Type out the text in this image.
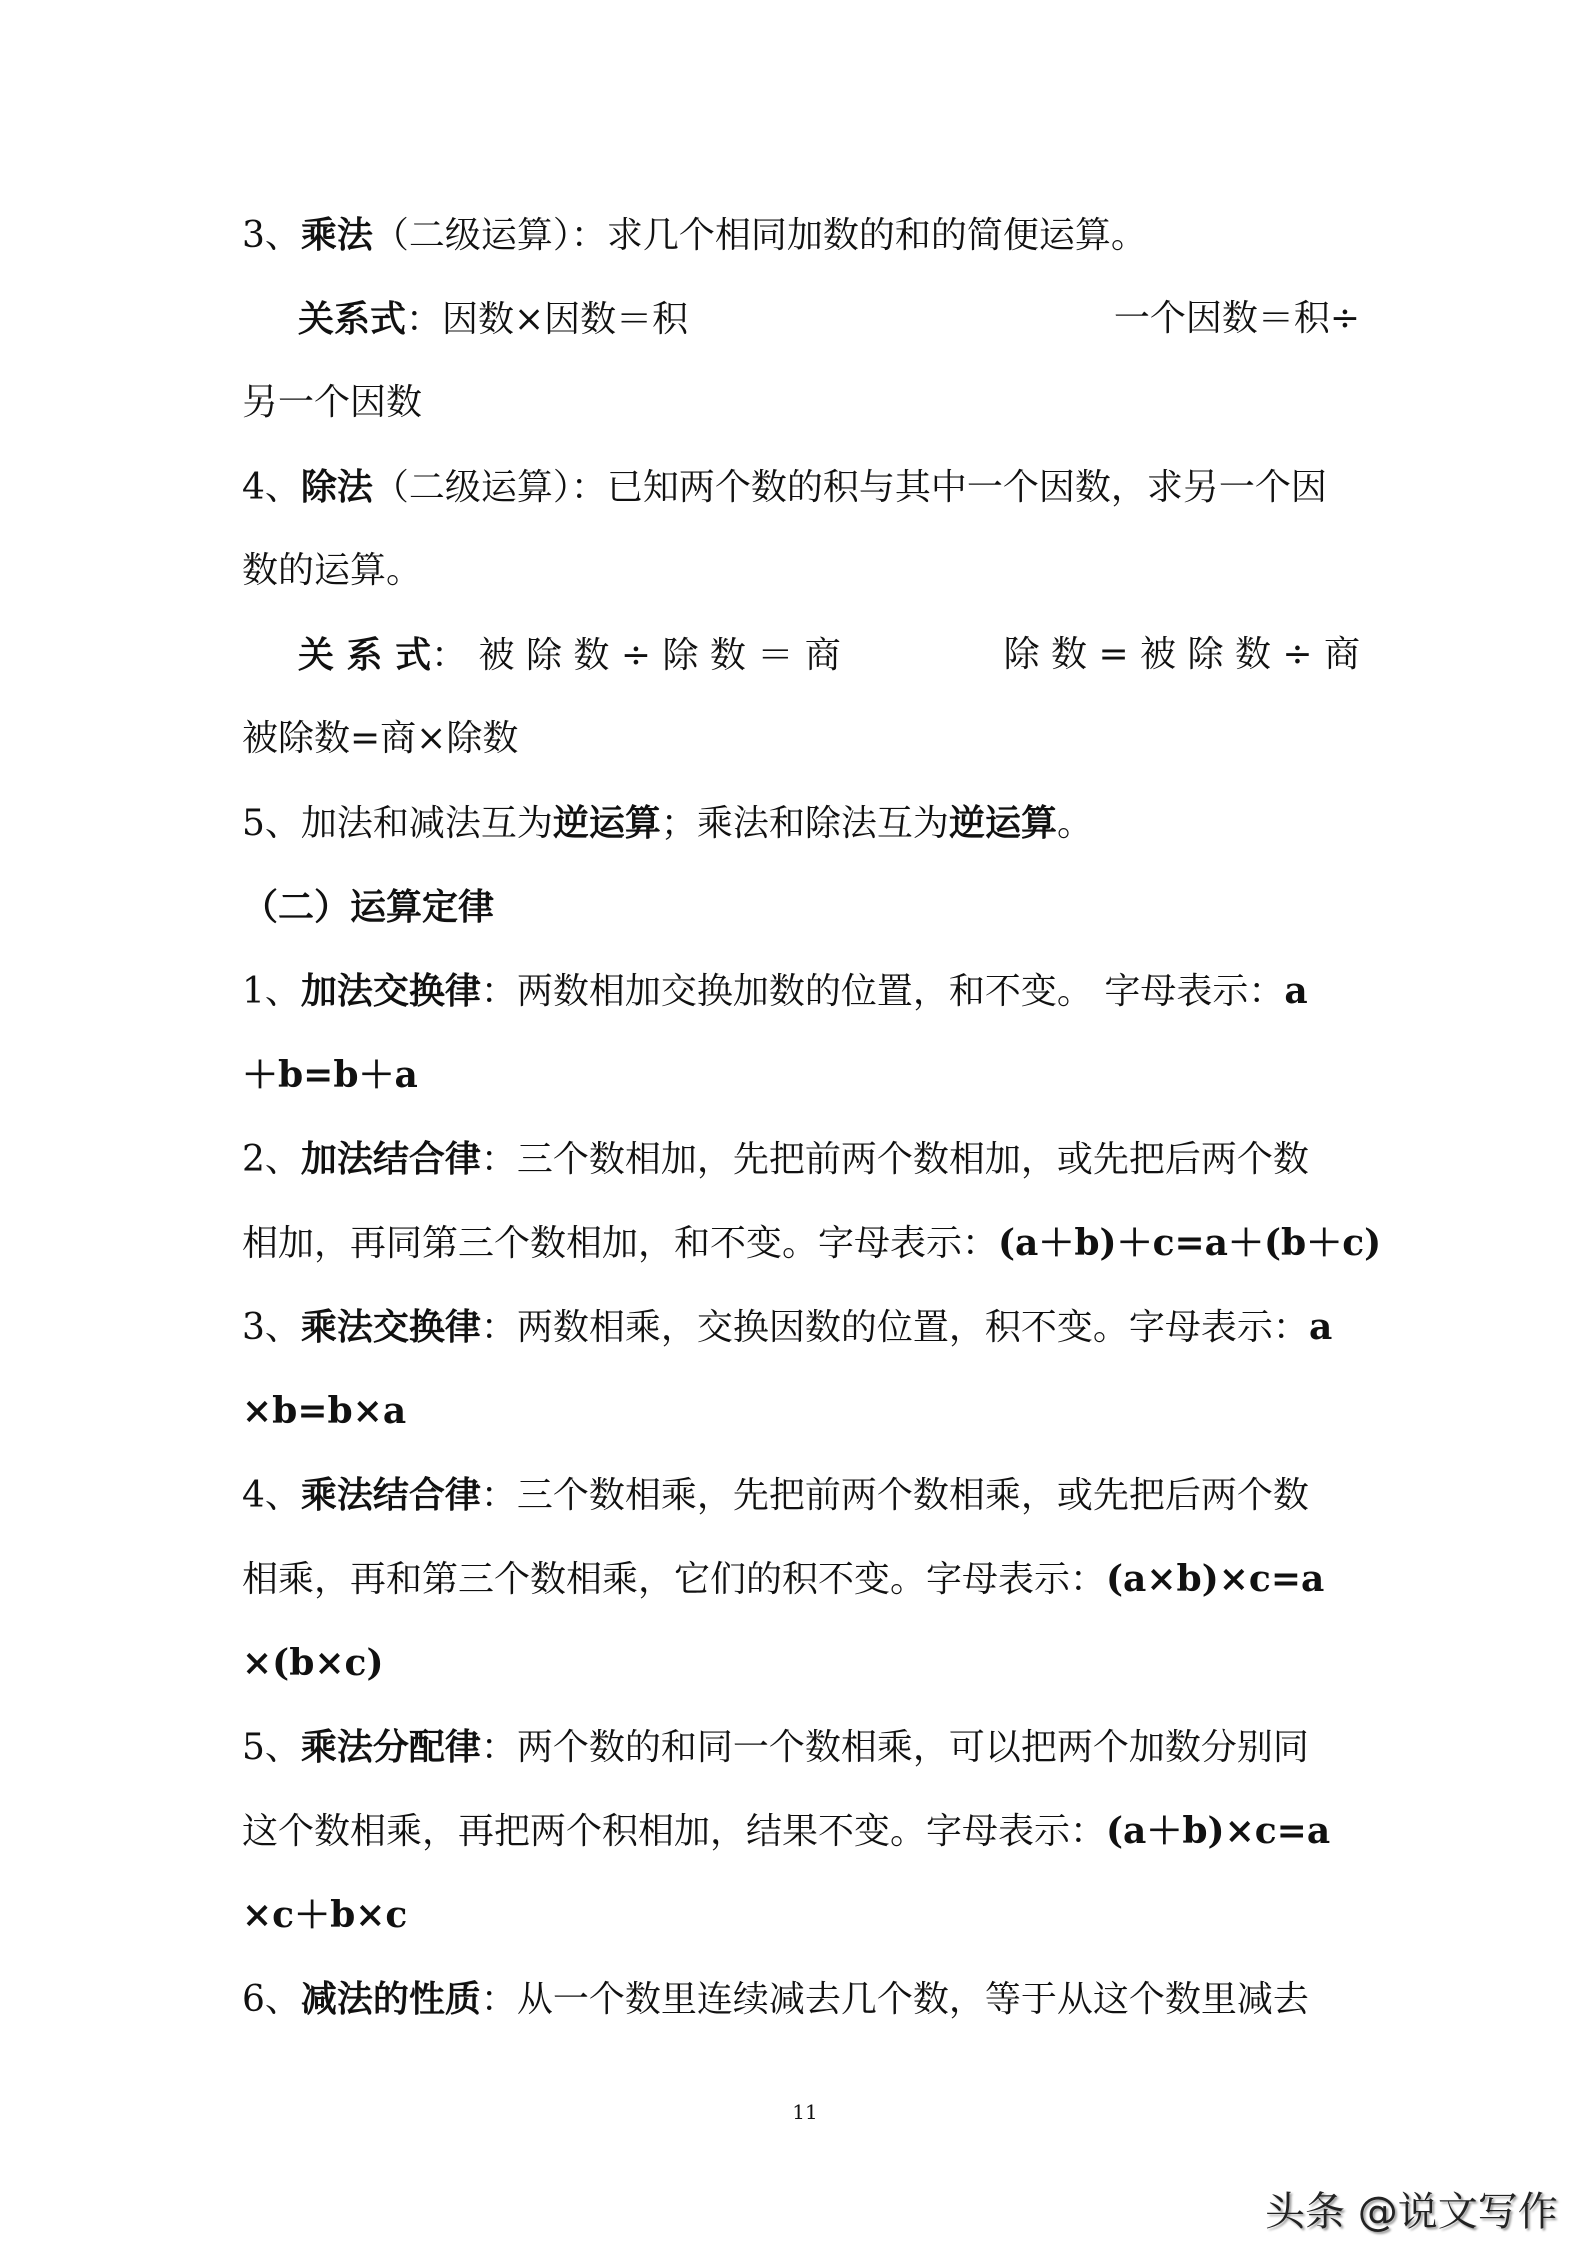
3、乘法（二级运算）：求几个相同加数的和的简便运算。
关系式：因数×因数＝积	一个因数＝积÷
另一个因数
4、除法（二级运算）：已知两个数的积与其中一个因数，求另一个因
数的运算。
关 系 式： 被 除 数 ÷ 除 数 ＝ 商	除 数 = 被 除 数 ÷ 商
被除数=商×除数
5、加法和减法互为逆运算；乘法和除法互为逆运算。
（二）运算定律
1、加法交换律：两数相加交换加数的位置，和不变。 字母表示：a
＋b=b＋a
2、加法结合律：三个数相加，先把前两个数相加，或先把后两个数
相加，再同第三个数相加，和不变。字母表示：(a＋b)＋c=a＋(b＋c)
3、乘法交换律：两数相乘，交换因数的位置，积不变。字母表示：a
×b=b×a
4、乘法结合律：三个数相乘，先把前两个数相乘，或先把后两个数
相乘，再和第三个数相乘，它们的积不变。字母表示：(a×b)×c=a
×(b×c)
5、乘法分配律：两个数的和同一个数相乘，可以把两个加数分别同
这个数相乘，再把两个积相加，结果不变。字母表示：(a＋b)×c=a
×c＋b×c
6、减法的性质：从一个数里连续减去几个数，等于从这个数里减去
11
头条 @说文写作
